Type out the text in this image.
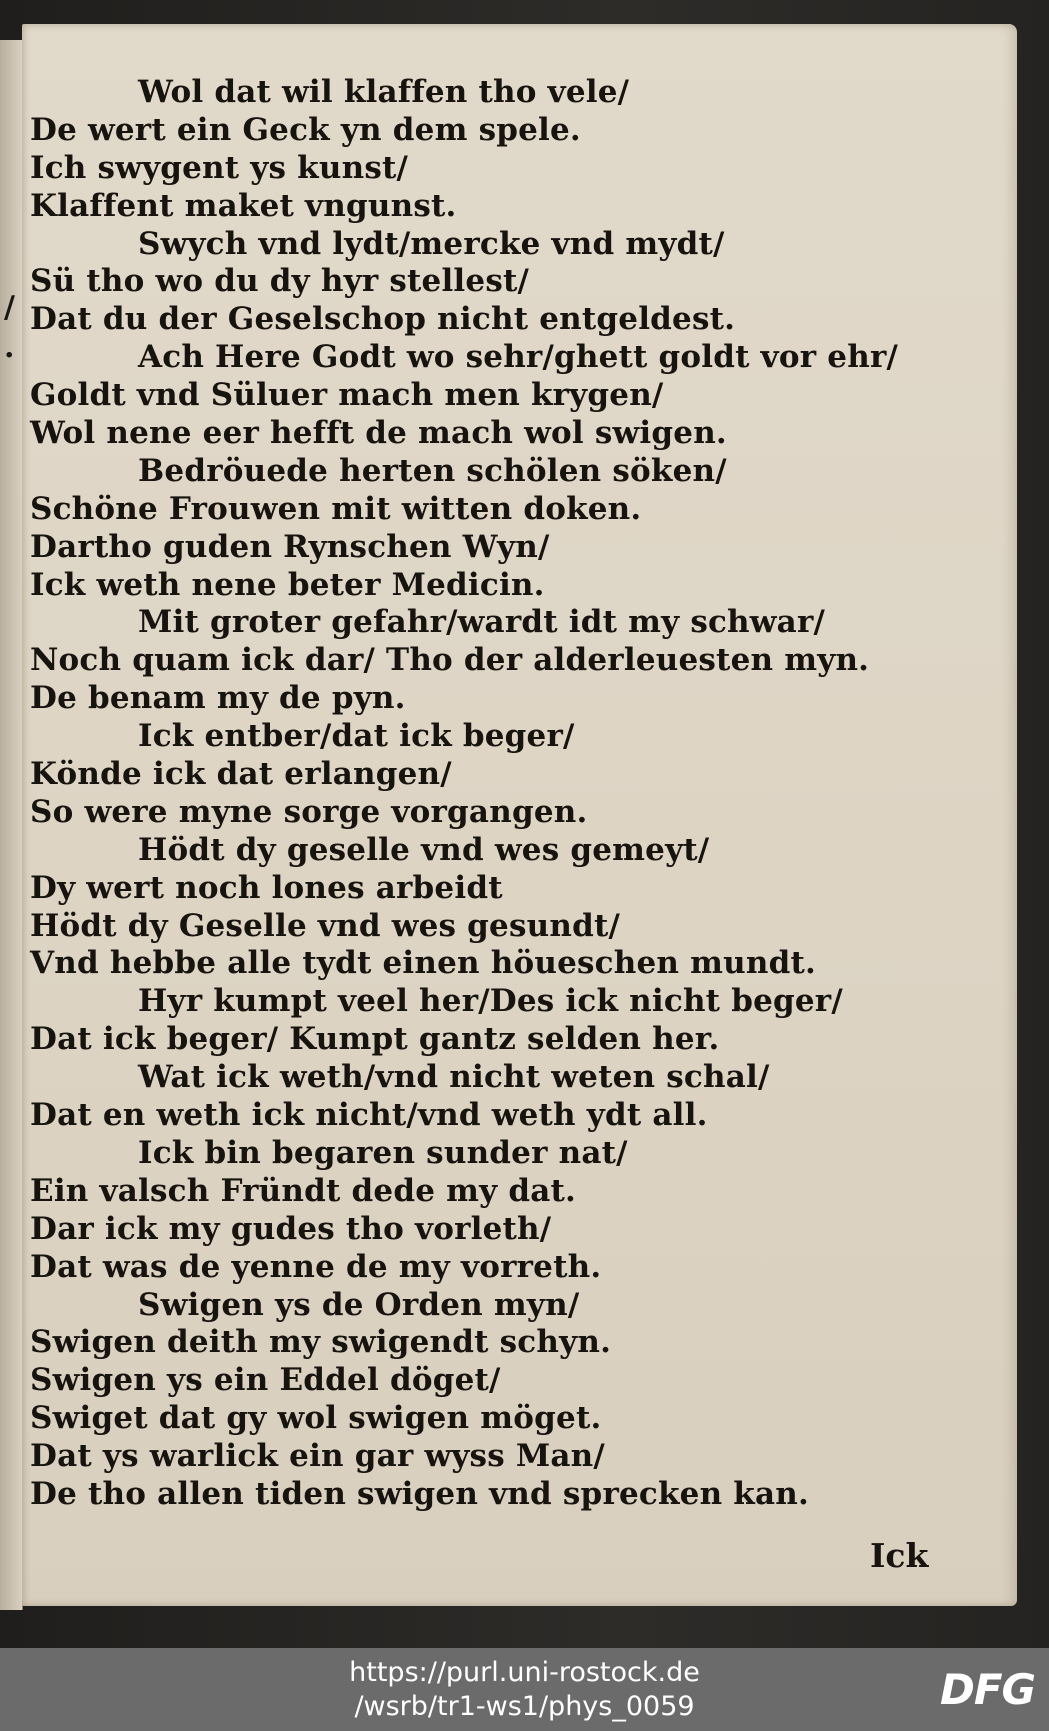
/
.
Wol dat wil klaffen tho vele/
De wert ein Geck yn dem spele.
Ich swygent ys kunst/
Klaffent maket vngunst.
Swych vnd lydt/mercke vnd mydt/
Sü tho wo du dy hyr stellest/
Dat du der Geselschop nicht entgeldest.
Ach Here Godt wo sehr/ghett goldt vor ehr/
Goldt vnd Süluer mach men krygen/
Wol nene eer hefft de mach wol swigen.
Bedröuede herten schölen söken/
Schöne Frouwen mit witten doken.
Dartho guden Rynschen Wyn/
Ick weth nene beter Medicin.
Mit groter gefahr/wardt idt my schwar/
Noch quam ick dar/ Tho der alderleuesten myn.
De benam my de pyn.
Ick entber/dat ick beger/
Könde ick dat erlangen/
So were myne sorge vorgangen.
Hödt dy geselle vnd wes gemeyt/
Dy wert noch lones arbeidt
Hödt dy Geselle vnd wes gesundt/
Vnd hebbe alle tydt einen höueschen mundt.
Hyr kumpt veel her/Des ick nicht beger/
Dat ick beger/ Kumpt gantz selden her.
Wat ick weth/vnd nicht weten schal/
Dat en weth ick nicht/vnd weth ydt all.
Ick bin begaren sunder nat/
Ein valsch Fründt dede my dat.
Dar ick my gudes tho vorleth/
Dat was de yenne de my vorreth.
Swigen ys de Orden myn/
Swigen deith my swigendt schyn.
Swigen ys ein Eddel döget/
Swiget dat gy wol swigen möget.
Dat ys warlick ein gar wyss Man/
De tho allen tiden swigen vnd sprecken kan.
Ick
https://purl.uni-rostock.de
/wsrb/tr1-ws1/phys_0059	DFG
